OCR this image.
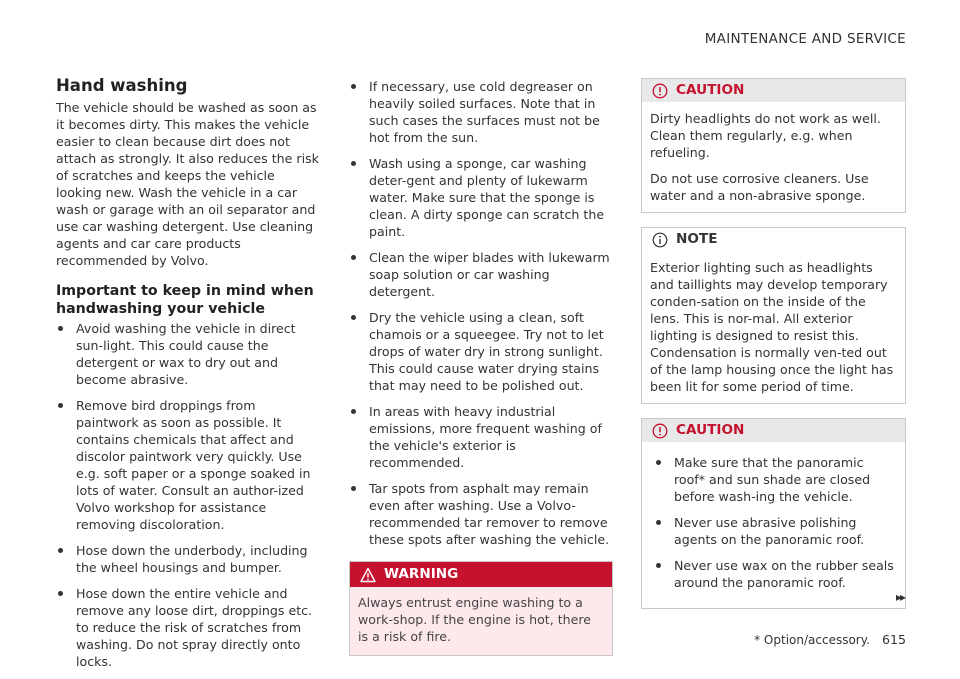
MAINTENANCE AND SERVICE
Hand washing

The vehicle should be washed as soon as it becomes dirty. This makes the vehicle easier to clean because dirt does not attach as strongly. It also reduces the risk of scratches and keeps the vehicle looking new. Wash the vehicle in a car wash or garage with an oil separator and use car washing detergent. Use cleaning agents and car care products recommended by Volvo.

Important to keep in mind when handwashing your vehicle
Avoid washing the vehicle in direct sun-light. This could cause the detergent or wax to dry out and become abrasive.
Remove bird droppings from paintwork as soon as possible. It contains chemicals that affect and discolor paintwork very quickly. Use e.g. soft paper or a sponge soaked in lots of water. Consult an author-ized Volvo workshop for assistance removing discoloration.
Hose down the underbody, including the wheel housings and bumper.
Hose down the entire vehicle and remove any loose dirt, droppings etc. to reduce the risk of scratches from washing. Do not spray directly onto locks.
If necessary, use cold degreaser on heavily soiled surfaces. Note that in such cases the surfaces must not be hot from the sun.
Wash using a sponge, car washing deter-gent and plenty of lukewarm water. Make sure that the sponge is clean. A dirty sponge can scratch the paint.
Clean the wiper blades with lukewarm soap solution or car washing detergent.
Dry the vehicle using a clean, soft chamois or a squeegee. Try not to let drops of water dry in strong sunlight. This could cause water drying stains that may need to be polished out.
In areas with heavy industrial emissions, more frequent washing of the vehicle's exterior is recommended.
Tar spots from asphalt may remain even after washing. Use a Volvo-recommended tar remover to remove these spots after washing the vehicle.
WARNING
Always entrust engine washing to a work-shop. If the engine is hot, there is a risk of fire.
CAUTION

Dirty headlights do not work as well. Clean them regularly, e.g. when refueling.

Do not use corrosive cleaners. Use water and a non-abrasive sponge.

NOTE
Exterior lighting such as headlights and taillights may develop temporary conden-sation on the inside of the lens. This is nor-mal. All exterior lighting is designed to resist this. Condensation is normally ven-ted out of the lamp housing once the light has been lit for some period of time.
CAUTION
Make sure that the panoramic roof* and sun shade are closed before wash-ing the vehicle.
Never use abrasive polishing agents on the panoramic roof.
Never use wax on the rubber seals around the panoramic roof.
▸▸
* Option/accessory. 615
